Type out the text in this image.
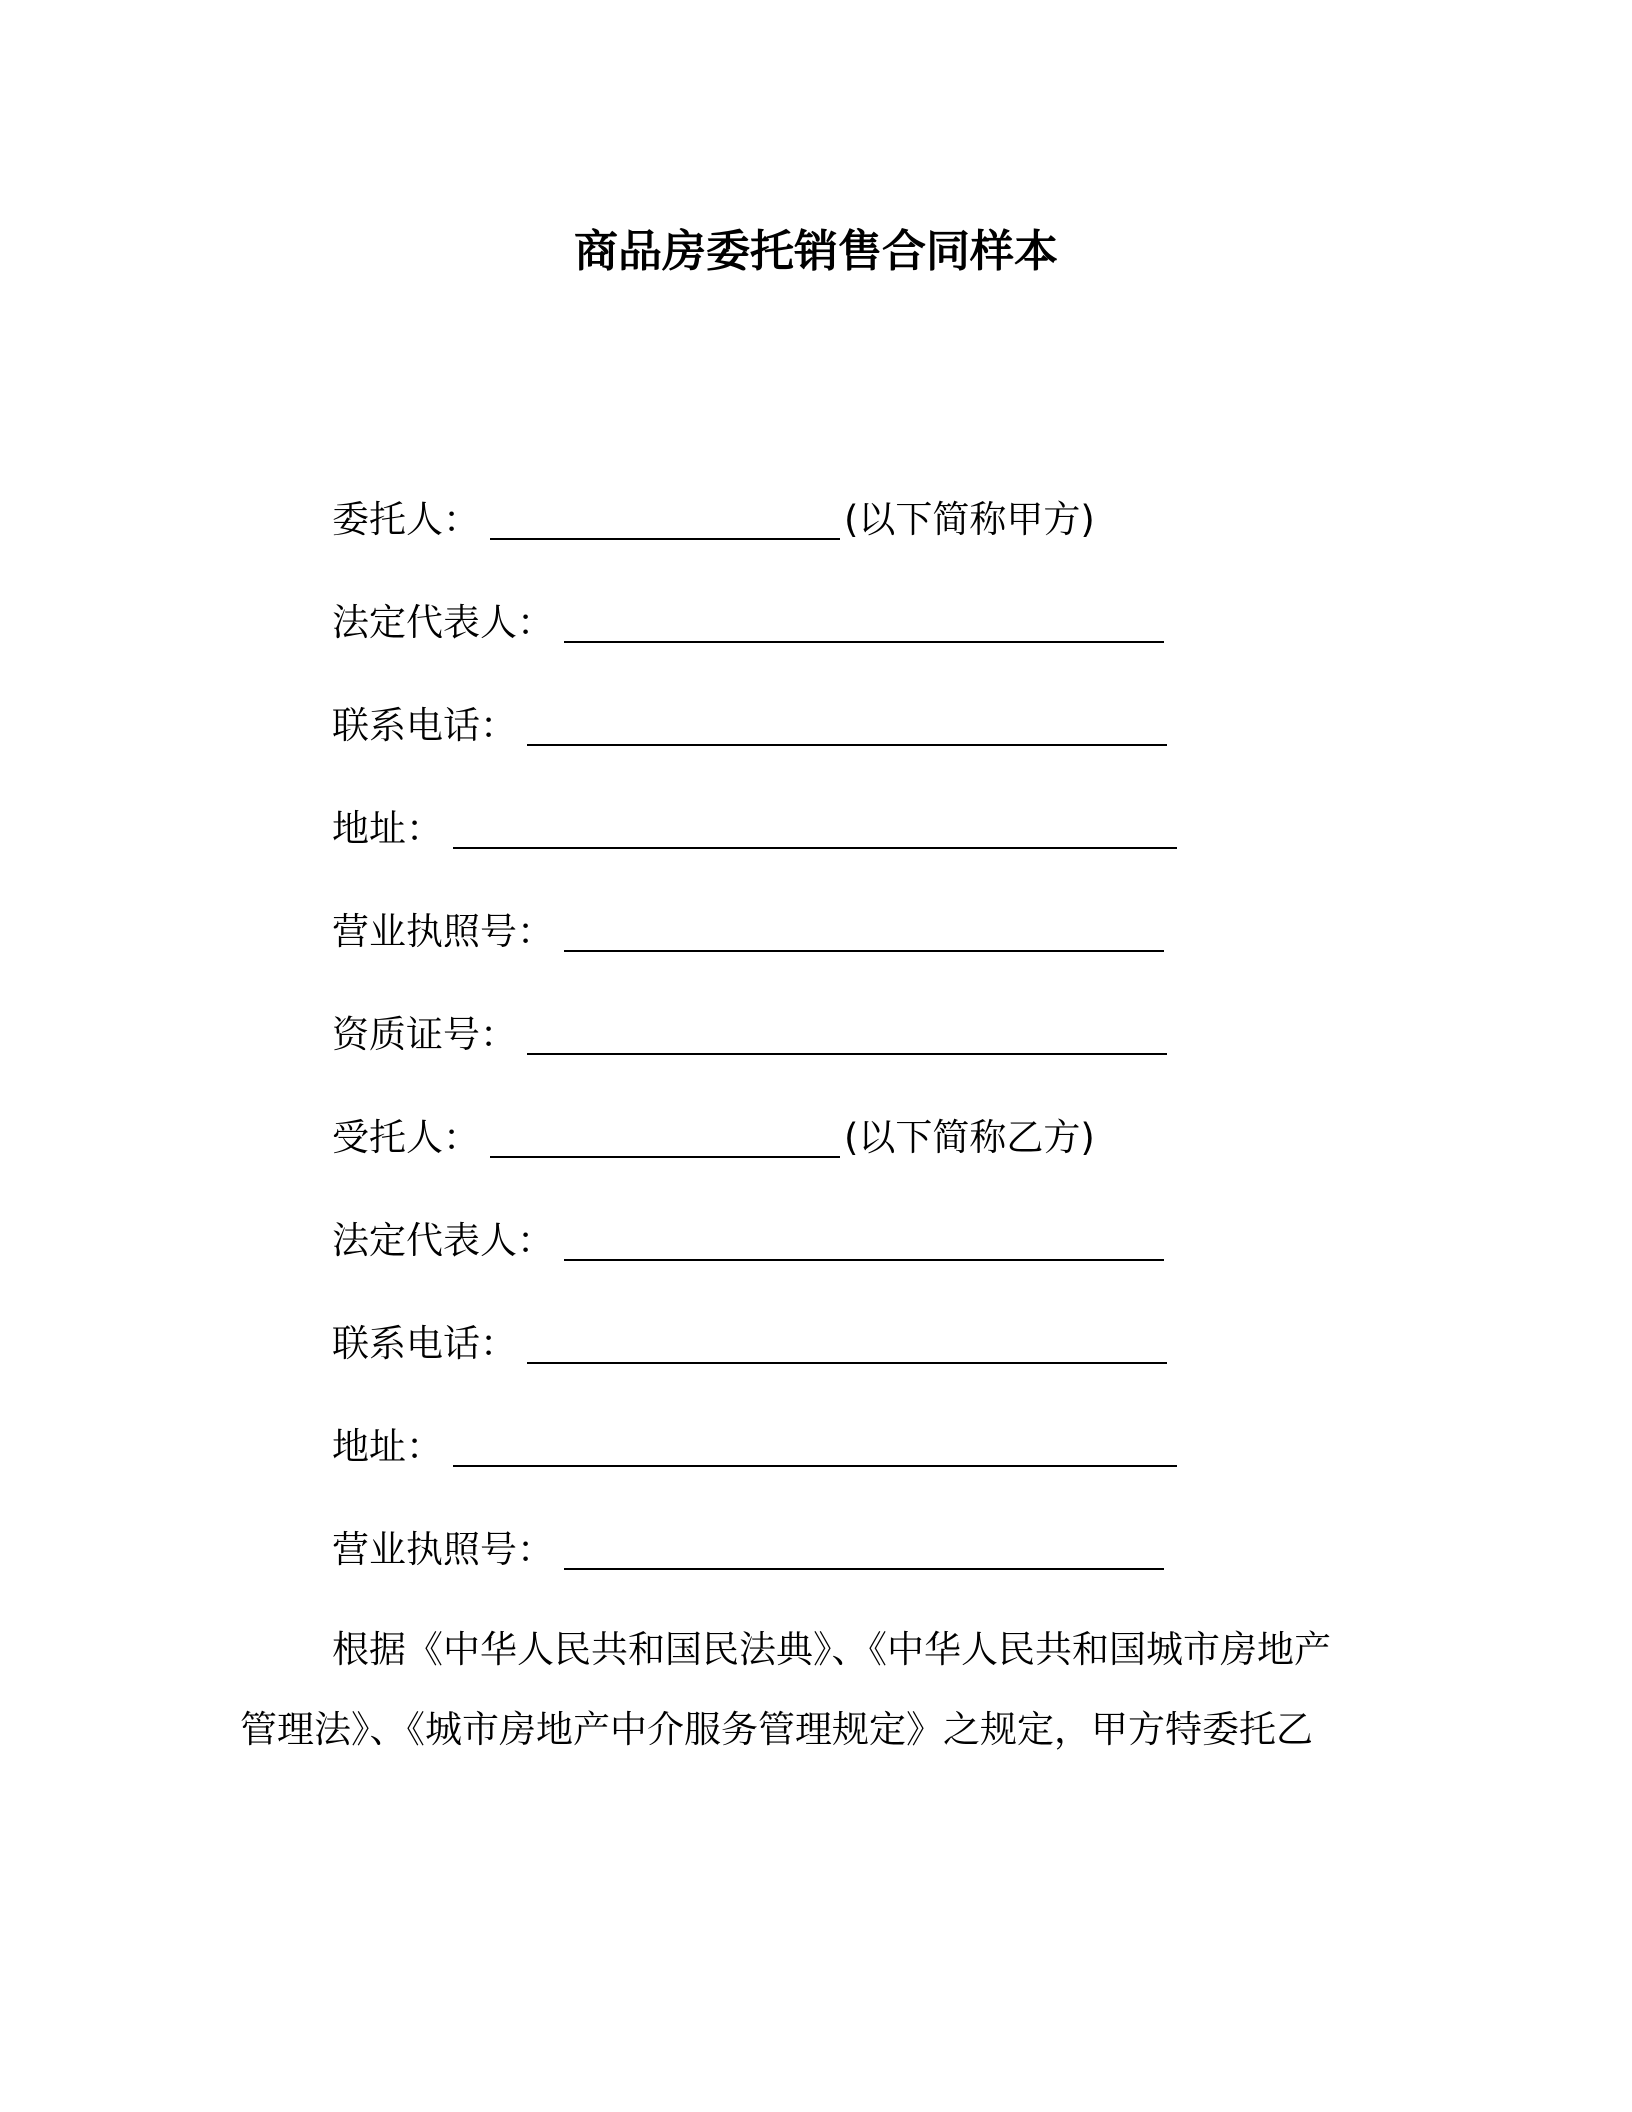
商品房委托销售合同样本
委托人：	(以下简称甲方)
法定代表人：
联系电话：
地址：
营业执照号：
资质证号：
受托人：	(以下简称乙方)
法定代表人：
联系电话：
地址：
营业执照号：
根据《中华人民共和国民法典》、《中华人民共和国城市房地产
管理法》、《城市房地产中介服务管理规定》之规定，甲方特委托乙
